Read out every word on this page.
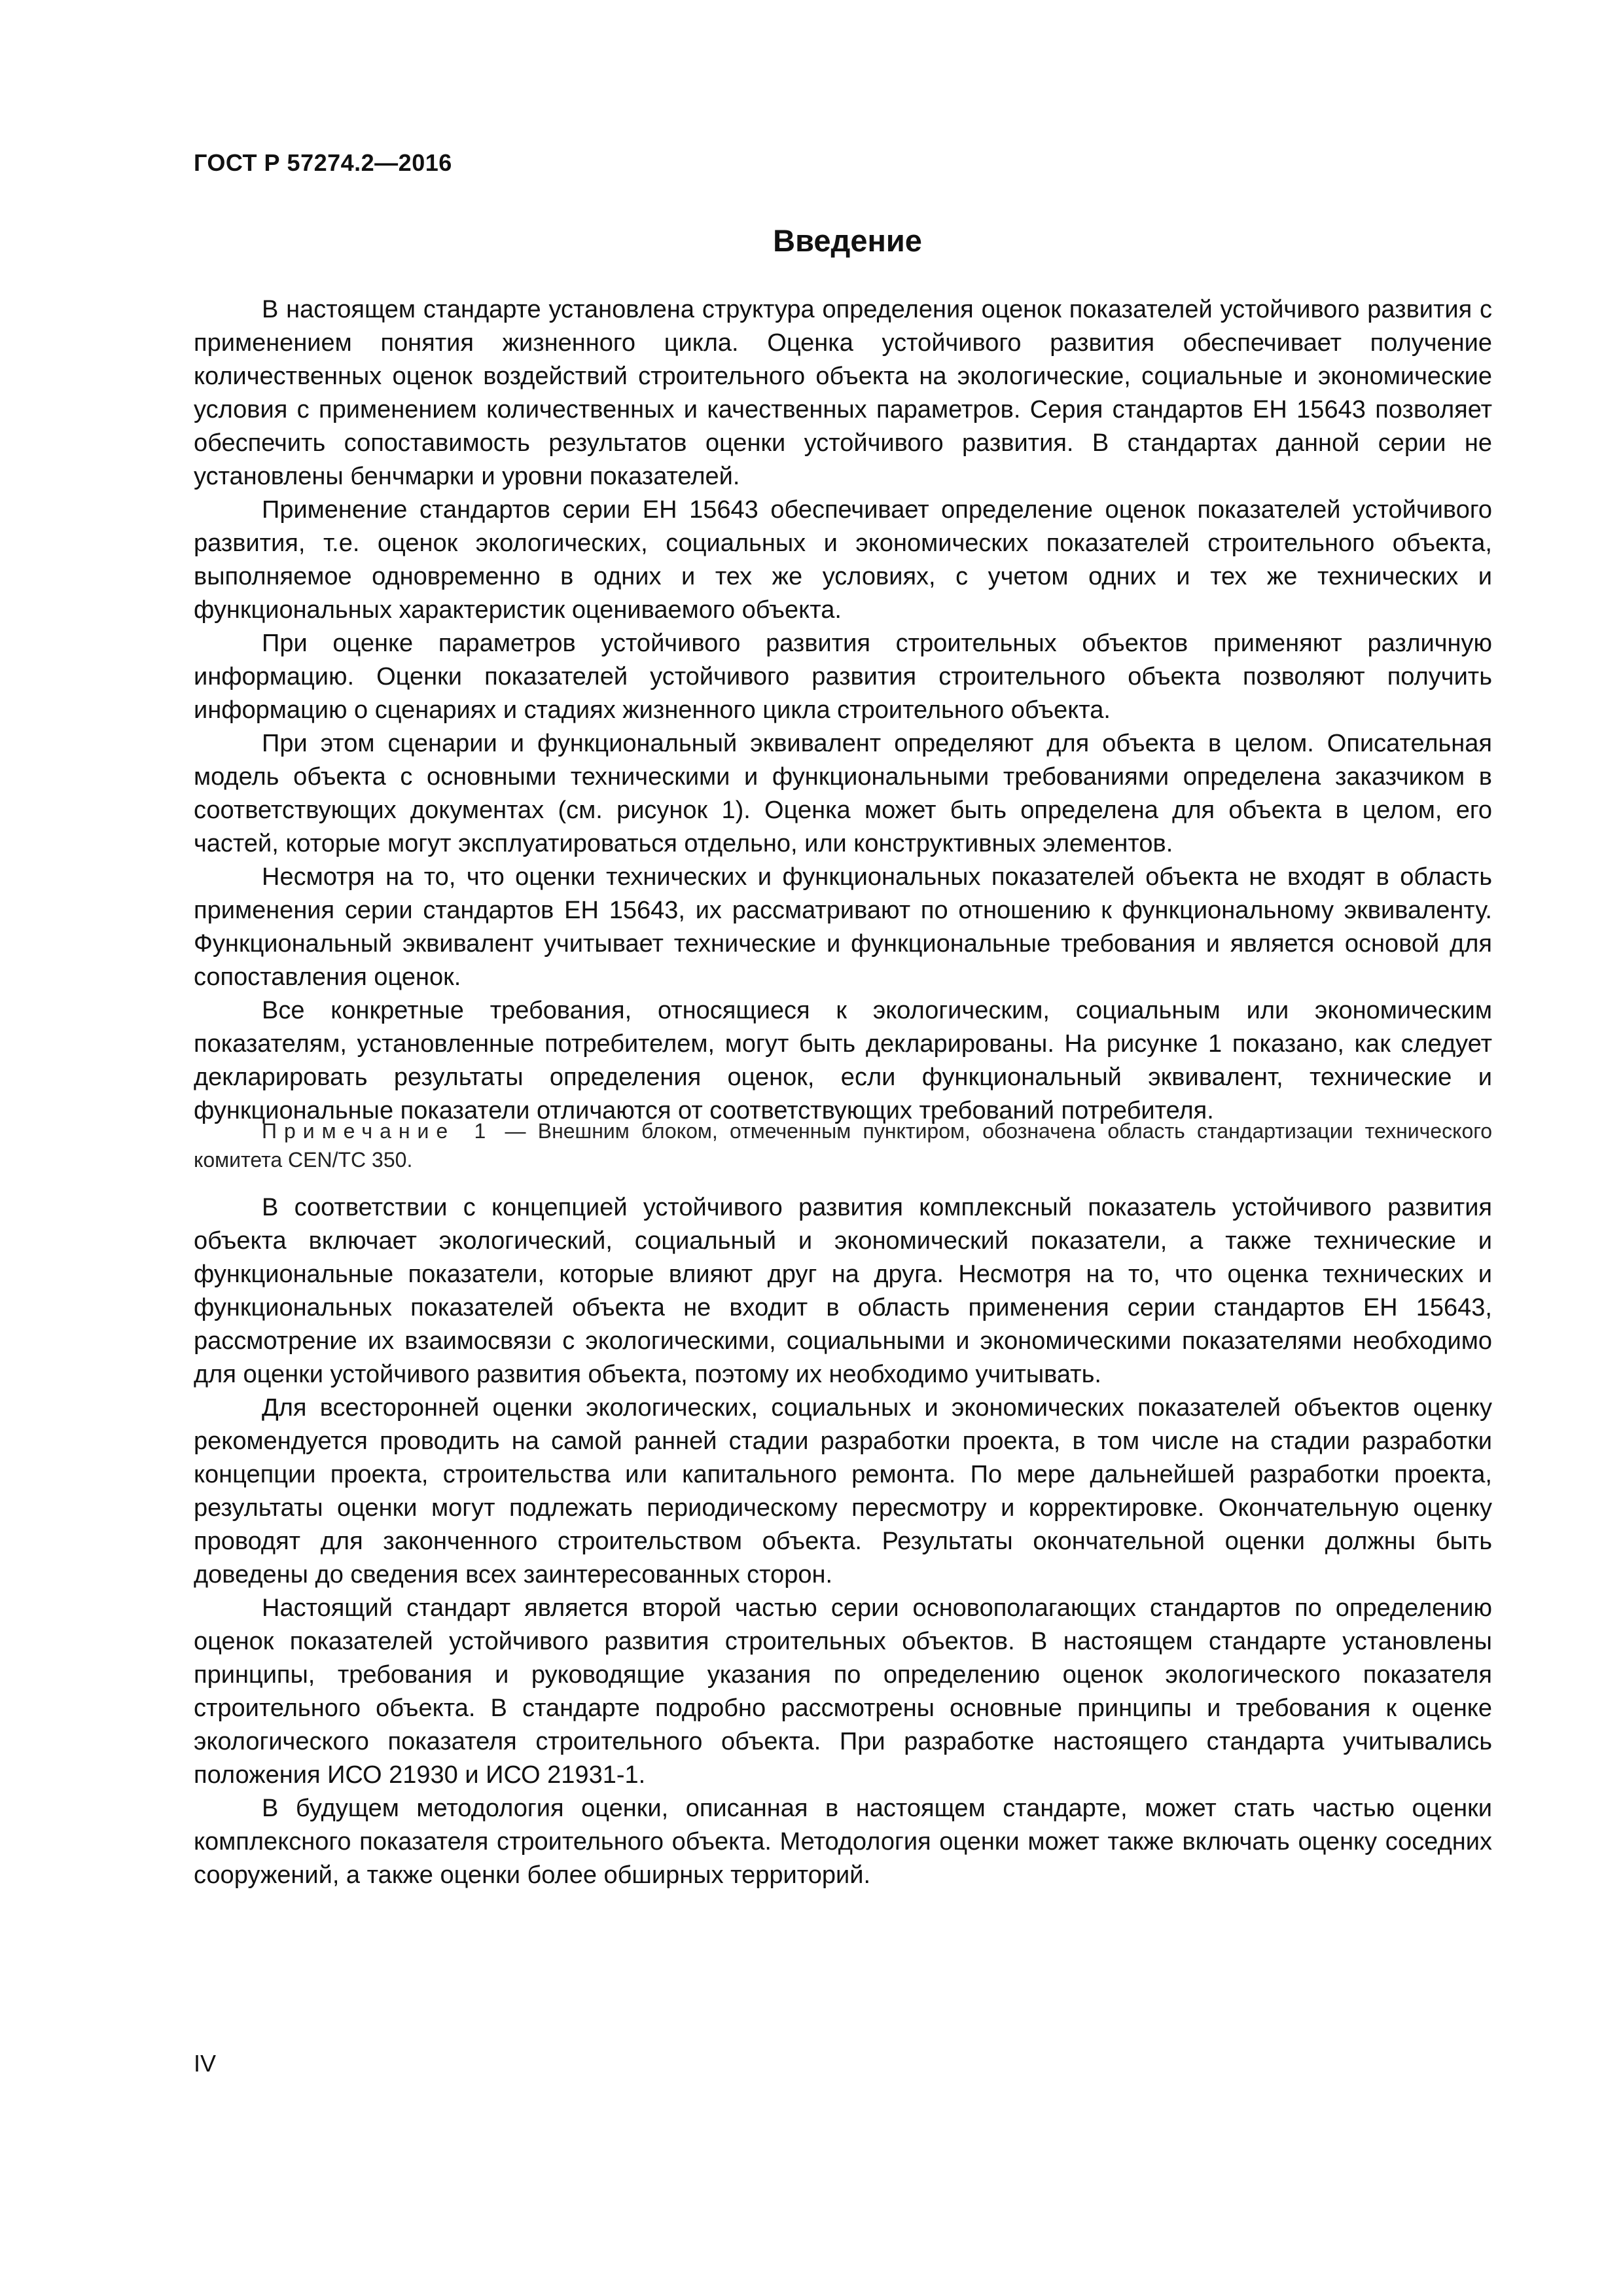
ГОСТ Р 57274.2—2016

Введение

В настоящем стандарте установлена структура определения оценок показателей устойчивого развития с применением понятия жизненного цикла. Оценка устойчивого развития обеспечивает получение количественных оценок воздействий строительного объекта на экологические, социальные и экономические условия с применением количественных и качественных параметров. Серия стандартов ЕН 15643 позволяет обеспечить сопоставимость результатов оценки устойчивого развития. В стандартах данной серии не установлены бенчмарки и уровни показателей.

Применение стандартов серии ЕН 15643 обеспечивает определение оценок показателей устойчивого развития, т.е. оценок экологических, социальных и экономических показателей строительного объекта, выполняемое одновременно в одних и тех же условиях, с учетом одних и тех же технических и функциональных характеристик оцениваемого объекта.

При оценке параметров устойчивого развития строительных объектов применяют различную информацию. Оценки показателей устойчивого развития строительного объекта позволяют получить информацию о сценариях и стадиях жизненного цикла строительного объекта.

При этом сценарии и функциональный эквивалент определяют для объекта в целом. Описательная модель объекта с основными техническими и функциональными требованиями определена заказчиком в соответствующих документах (см. рисунок 1). Оценка может быть определена для объекта в целом, его частей, которые могут эксплуатироваться отдельно, или конструктивных элементов.

Несмотря на то, что оценки технических и функциональных показателей объекта не входят в область применения серии стандартов ЕН 15643, их рассматривают по отношению к функциональному эквиваленту. Функциональный эквивалент учитывает технические и функциональные требования и является основой для сопоставления оценок.

Все конкретные требования, относящиеся к экологическим, социальным или экономическим показателям, установленные потребителем, могут быть декларированы. На рисунке 1 показано, как следует декларировать результаты определения оценок, если функциональный эквивалент, технические и функциональные показатели отличаются от соответствующих требований потребителя.

Примечание 1 — Внешним блоком, отмеченным пунктиром, обозначена область стандартизации технического комитета CEN/TC 350.

В соответствии с концепцией устойчивого развития комплексный показатель устойчивого развития объекта включает экологический, социальный и экономический показатели, а также технические и функциональные показатели, которые влияют друг на друга. Несмотря на то, что оценка технических и функциональных показателей объекта не входит в область применения серии стандартов ЕН 15643, рассмотрение их взаимосвязи с экологическими, социальными и экономическими показателями необходимо для оценки устойчивого развития объекта, поэтому их необходимо учитывать.

Для всесторонней оценки экологических, социальных и экономических показателей объектов оценку рекомендуется проводить на самой ранней стадии разработки проекта, в том числе на стадии разработки концепции проекта, строительства или капитального ремонта. По мере дальнейшей разработки проекта, результаты оценки могут подлежать периодическому пересмотру и корректировке. Окончательную оценку проводят для законченного строительством объекта. Результаты окончательной оценки должны быть доведены до сведения всех заинтересованных сторон.

Настоящий стандарт является второй частью серии основополагающих стандартов по определению оценок показателей устойчивого развития строительных объектов. В настоящем стандарте установлены принципы, требования и руководящие указания по определению оценок экологического показателя строительного объекта. В стандарте подробно рассмотрены основные принципы и требования к оценке экологического показателя строительного объекта. При разработке настоящего стандарта учитывались положения ИСО 21930 и ИСО 21931-1.

В будущем методология оценки, описанная в настоящем стандарте, может стать частью оценки комплексного показателя строительного объекта. Методология оценки может также включать оценку соседних сооружений, а также оценки более обширных территорий.

IV
